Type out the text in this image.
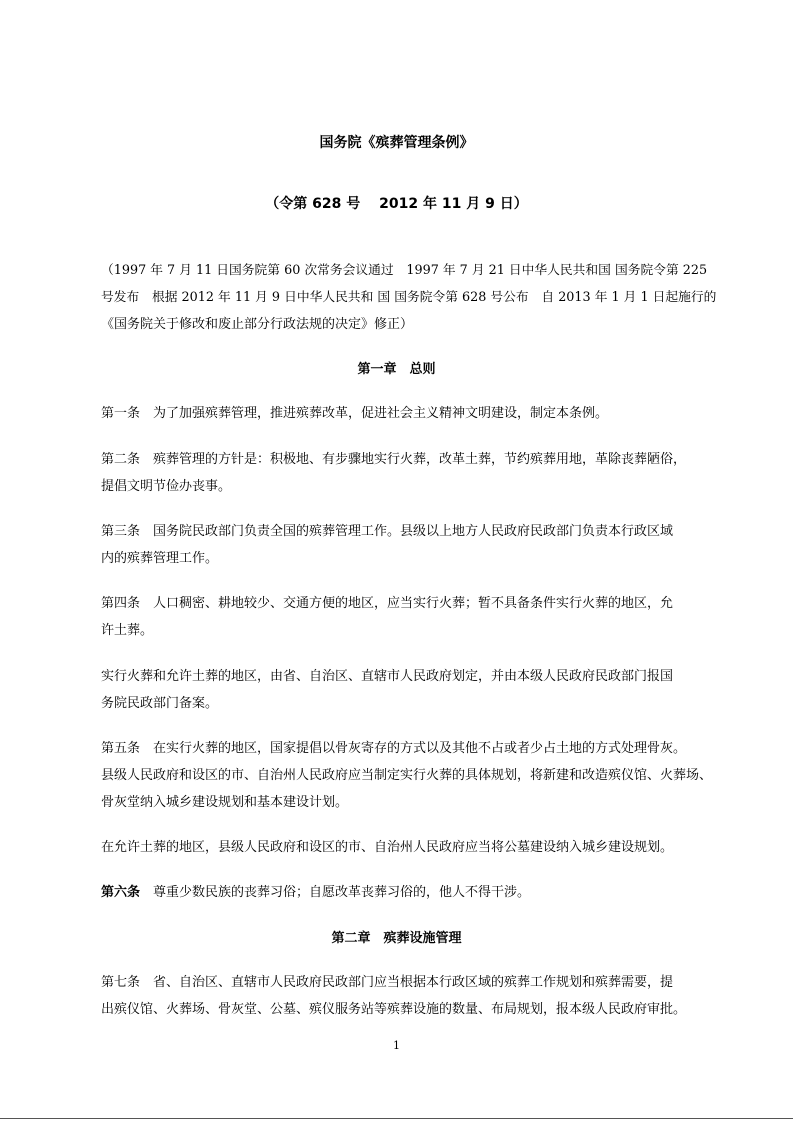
国务院《殡葬管理条例》

（令第 628 号　 2012 年 11 月 9 日）

（1997 年 7 月 11 日国务院第 60 次常务会议通过　1997 年 7 月 21 日中华人民共和国 国务院令第 225

号发布　根据 2012 年 11 月 9 日中华人民共和 国 国务院令第 628 号公布　自 2013 年 1 月 1 日起施行的

《国务院关于修改和废止部分行政法规的决定》修正）

第一章　总则

第一条　为了加强殡葬管理，推进殡葬改革，促进社会主义精神文明建设，制定本条例。

第二条　殡葬管理的方针是：积极地、有步骤地实行火葬，改革土葬，节约殡葬用地，革除丧葬陋俗，

提倡文明节俭办丧事。

第三条　国务院民政部门负责全国的殡葬管理工作。县级以上地方人民政府民政部门负责本行政区域

内的殡葬管理工作。

第四条　人口稠密、耕地较少、交通方便的地区，应当实行火葬；暂不具备条件实行火葬的地区，允

许土葬。

实行火葬和允许土葬的地区，由省、自治区、直辖市人民政府划定，并由本级人民政府民政部门报国

务院民政部门备案。

第五条　在实行火葬的地区，国家提倡以骨灰寄存的方式以及其他不占或者少占土地的方式处理骨灰。

县级人民政府和设区的市、自治州人民政府应当制定实行火葬的具体规划，将新建和改造殡仪馆、火葬场、

骨灰堂纳入城乡建设规划和基本建设计划。

在允许土葬的地区，县级人民政府和设区的市、自治州人民政府应当将公墓建设纳入城乡建设规划。

第六条　尊重少数民族的丧葬习俗；自愿改革丧葬习俗的，他人不得干涉。

第二章　殡葬设施管理

第七条　省、自治区、直辖市人民政府民政部门应当根据本行政区域的殡葬工作规划和殡葬需要，提

出殡仪馆、火葬场、骨灰堂、公墓、殡仪服务站等殡葬设施的数量、布局规划，报本级人民政府审批。

1
